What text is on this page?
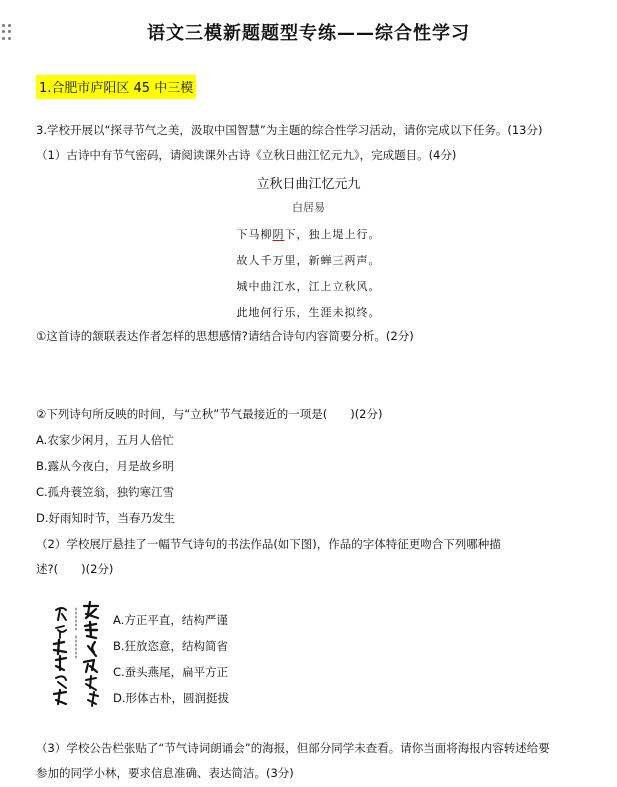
语文三模新题题型专练——综合性学习
1.合肥市庐阳区 45 中三模
3.学校开展以“探寻节气之美，汲取中国智慧”为主题的综合性学习活动，请你完成以下任务。(13分)
（1）古诗中有节气密码，请阅读课外古诗《立秋日曲江忆元九》，完成题目。(4分)
立秋日曲江忆元九
白居易
下马柳阴下，独上堤上行。
故人千万里，新蝉三两声。
城中曲江水，江上立秋风。
此地何行乐，生涯未拟终。
①这首诗的颔联表达作者怎样的思想感情?请结合诗句内容简要分析。(2分)
②下列诗句所反映的时间，与“立秋”节气最接近的一项是(　　)(2分)
A.农家少闲月，五月人倍忙
B.露从今夜白，月是故乡明
C.孤舟蓑笠翁，独钓寒江雪
D.好雨知时节，当春乃发生
（2）学校展厅悬挂了一幅节气诗句的书法作品(如下图)，作品的字体特征更吻合下列哪种描
述?(　　)(2分)
A.方正平直，结构严谨
B.狂放恣意，结构简省
C.蚕头燕尾，扁平方正
D.形体古朴，圆润挺拔
（3）学校公告栏张贴了“节气诗词朗诵会”的海报，但部分同学未查看。请你当面将海报内容转述给要
参加的同学小林，要求信息准确、表达简洁。(3分)
